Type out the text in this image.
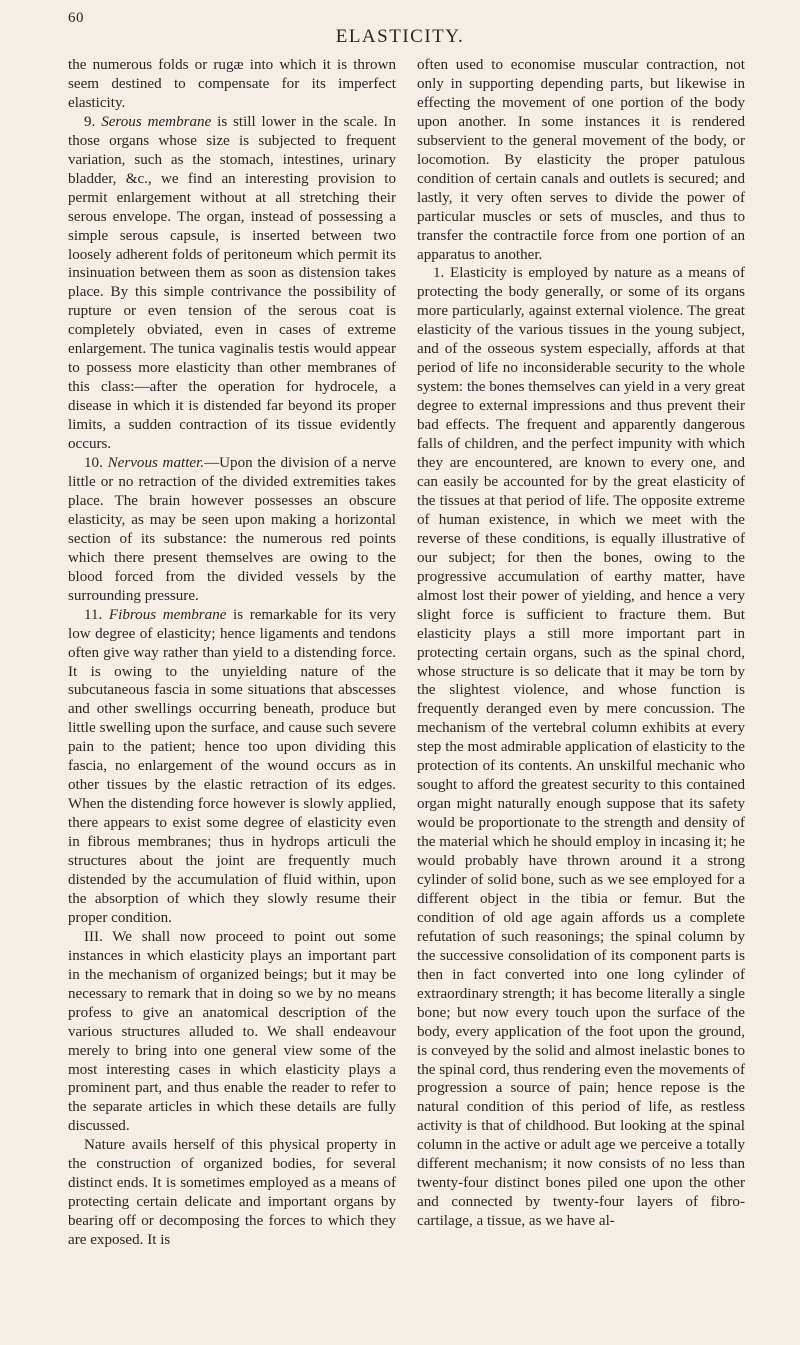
60
ELASTICITY.

the numerous folds or rugæ into which it is thrown seem destined to compensate for its imperfect elasticity.

9. Serous membrane is still lower in the scale. In those organs whose size is subjected to frequent variation, such as the stomach, intestines, urinary bladder, &c., we find an interesting provision to permit enlargement without at all stretching their serous envelope. The organ, instead of possessing a simple serous capsule, is inserted between two loosely adherent folds of peritoneum which permit its insinuation between them as soon as distension takes place. By this simple contrivance the possibility of rupture or even tension of the serous coat is completely obviated, even in cases of extreme enlargement. The tunica vaginalis testis would appear to possess more elasticity than other membranes of this class:—after the operation for hydrocele, a disease in which it is distended far beyond its proper limits, a sudden contraction of its tissue evidently occurs.

10. Nervous matter.—Upon the division of a nerve little or no retraction of the divided extremities takes place. The brain however possesses an obscure elasticity, as may be seen upon making a horizontal section of its substance: the numerous red points which there present themselves are owing to the blood forced from the divided vessels by the surrounding pressure.

11. Fibrous membrane is remarkable for its very low degree of elasticity; hence ligaments and tendons often give way rather than yield to a distending force. It is owing to the unyielding nature of the subcutaneous fascia in some situations that abscesses and other swellings occurring beneath, produce but little swelling upon the surface, and cause such severe pain to the patient; hence too upon dividing this fascia, no enlargement of the wound occurs as in other tissues by the elastic retraction of its edges. When the distending force however is slowly applied, there appears to exist some degree of elasticity even in fibrous membranes; thus in hydrops articuli the structures about the joint are frequently much distended by the accumulation of fluid within, upon the absorption of which they slowly resume their proper condition.

III. We shall now proceed to point out some instances in which elasticity plays an important part in the mechanism of organized beings; but it may be necessary to remark that in doing so we by no means profess to give an anatomical description of the various structures alluded to. We shall endeavour merely to bring into one general view some of the most interesting cases in which elasticity plays a prominent part, and thus enable the reader to refer to the separate articles in which these details are fully discussed.

Nature avails herself of this physical property in the construction of organized bodies, for several distinct ends. It is sometimes employed as a means of protecting certain delicate and important organs by bearing off or decomposing the forces to which they are exposed. It is

often used to economise muscular contraction, not only in supporting depending parts, but likewise in effecting the movement of one portion of the body upon another. In some instances it is rendered subservient to the general movement of the body, or locomotion. By elasticity the proper patulous condition of certain canals and outlets is secured; and lastly, it very often serves to divide the power of particular muscles or sets of muscles, and thus to transfer the contractile force from one portion of an apparatus to another.

1. Elasticity is employed by nature as a means of protecting the body generally, or some of its organs more particularly, against external violence. The great elasticity of the various tissues in the young subject, and of the osseous system especially, affords at that period of life no inconsiderable security to the whole system: the bones themselves can yield in a very great degree to external impressions and thus prevent their bad effects. The frequent and apparently dangerous falls of children, and the perfect impunity with which they are encountered, are known to every one, and can easily be accounted for by the great elasticity of the tissues at that period of life. The opposite extreme of human existence, in which we meet with the reverse of these conditions, is equally illustrative of our subject; for then the bones, owing to the progressive accumulation of earthy matter, have almost lost their power of yielding, and hence a very slight force is sufficient to fracture them. But elasticity plays a still more important part in protecting certain organs, such as the spinal chord, whose structure is so delicate that it may be torn by the slightest violence, and whose function is frequently deranged even by mere concussion. The mechanism of the vertebral column exhibits at every step the most admirable application of elasticity to the protection of its contents. An unskilful mechanic who sought to afford the greatest security to this contained organ might naturally enough suppose that its safety would be proportionate to the strength and density of the material which he should employ in incasing it; he would probably have thrown around it a strong cylinder of solid bone, such as we see employed for a different object in the tibia or femur. But the condition of old age again affords us a complete refutation of such reasonings; the spinal column by the successive consolidation of its component parts is then in fact converted into one long cylinder of extraordinary strength; it has become literally a single bone; but now every touch upon the surface of the body, every application of the foot upon the ground, is conveyed by the solid and almost inelastic bones to the spinal cord, thus rendering even the movements of progression a source of pain; hence repose is the natural condition of this period of life, as restless activity is that of childhood. But looking at the spinal column in the active or adult age we perceive a totally different mechanism; it now consists of no less than twenty-four distinct bones piled one upon the other and connected by twenty-four layers of fibro-cartilage, a tissue, as we have al-
